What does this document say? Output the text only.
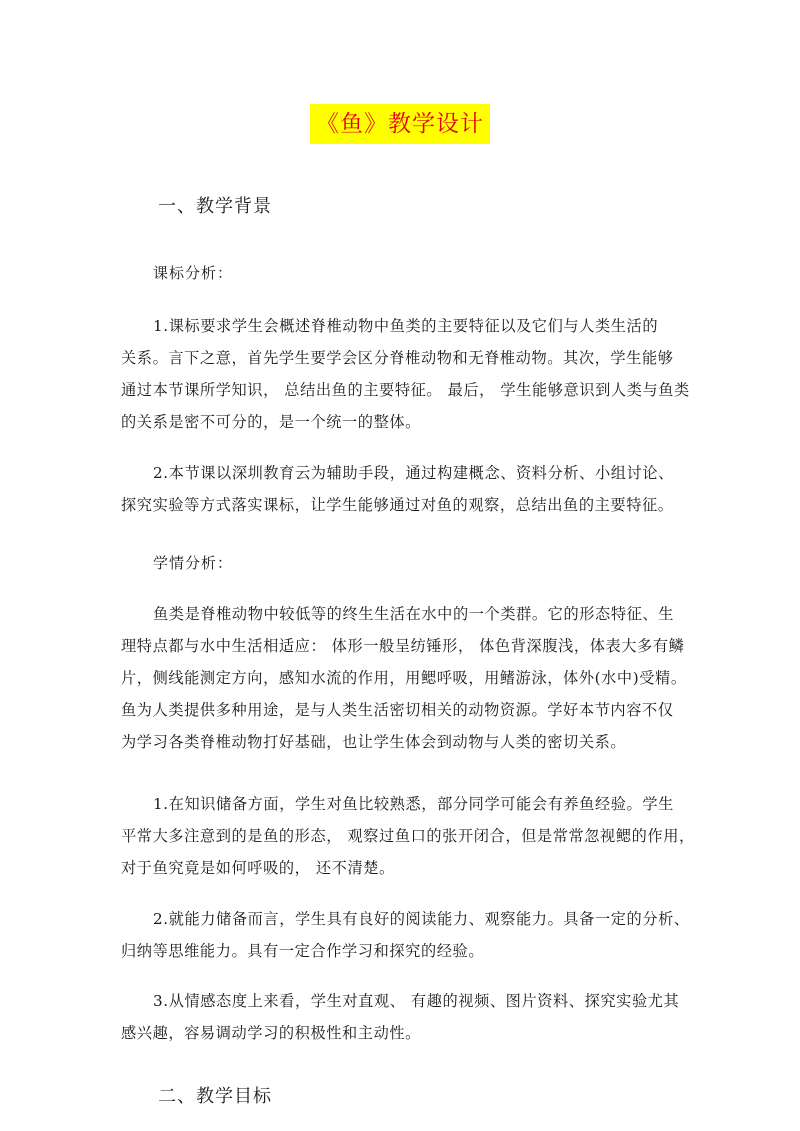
《鱼》教学设计
一、教学背景
课标分析：
1.课标要求学生会概述脊椎动物中鱼类的主要特征以及它们与人类生活的
关系。言下之意，首先学生要学会区分脊椎动物和无脊椎动物。其次，学生能够
通过本节课所学知识， 总结出鱼的主要特征。 最后， 学生能够意识到人类与鱼类
的关系是密不可分的，是一个统一的整体。
2.本节课以深圳教育云为辅助手段，通过构建概念、资料分析、小组讨论、
探究实验等方式落实课标，让学生能够通过对鱼的观察，总结出鱼的主要特征。
学情分析：
鱼类是脊椎动物中较低等的终生生活在水中的一个类群。它的形态特征、生
理特点都与水中生活相适应： 体形一般呈纺锤形， 体色背深腹浅，体表大多有鳞
片，侧线能测定方向，感知水流的作用，用鳃呼吸，用鳍游泳，体外(水中)受精。
鱼为人类提供多种用途，是与人类生活密切相关的动物资源。学好本节内容不仅
为学习各类脊椎动物打好基础，也让学生体会到动物与人类的密切关系。
1.在知识储备方面，学生对鱼比较熟悉，部分同学可能会有养鱼经验。学生
平常大多注意到的是鱼的形态， 观察过鱼口的张开闭合，但是常常忽视鳃的作用，
对于鱼究竟是如何呼吸的， 还不清楚。
2.就能力储备而言，学生具有良好的阅读能力、观察能力。具备一定的分析、
归纳等思维能力。具有一定合作学习和探究的经验。
3.从情感态度上来看，学生对直观、 有趣的视频、图片资料、探究实验尤其
感兴趣，容易调动学习的积极性和主动性。
二、教学目标
